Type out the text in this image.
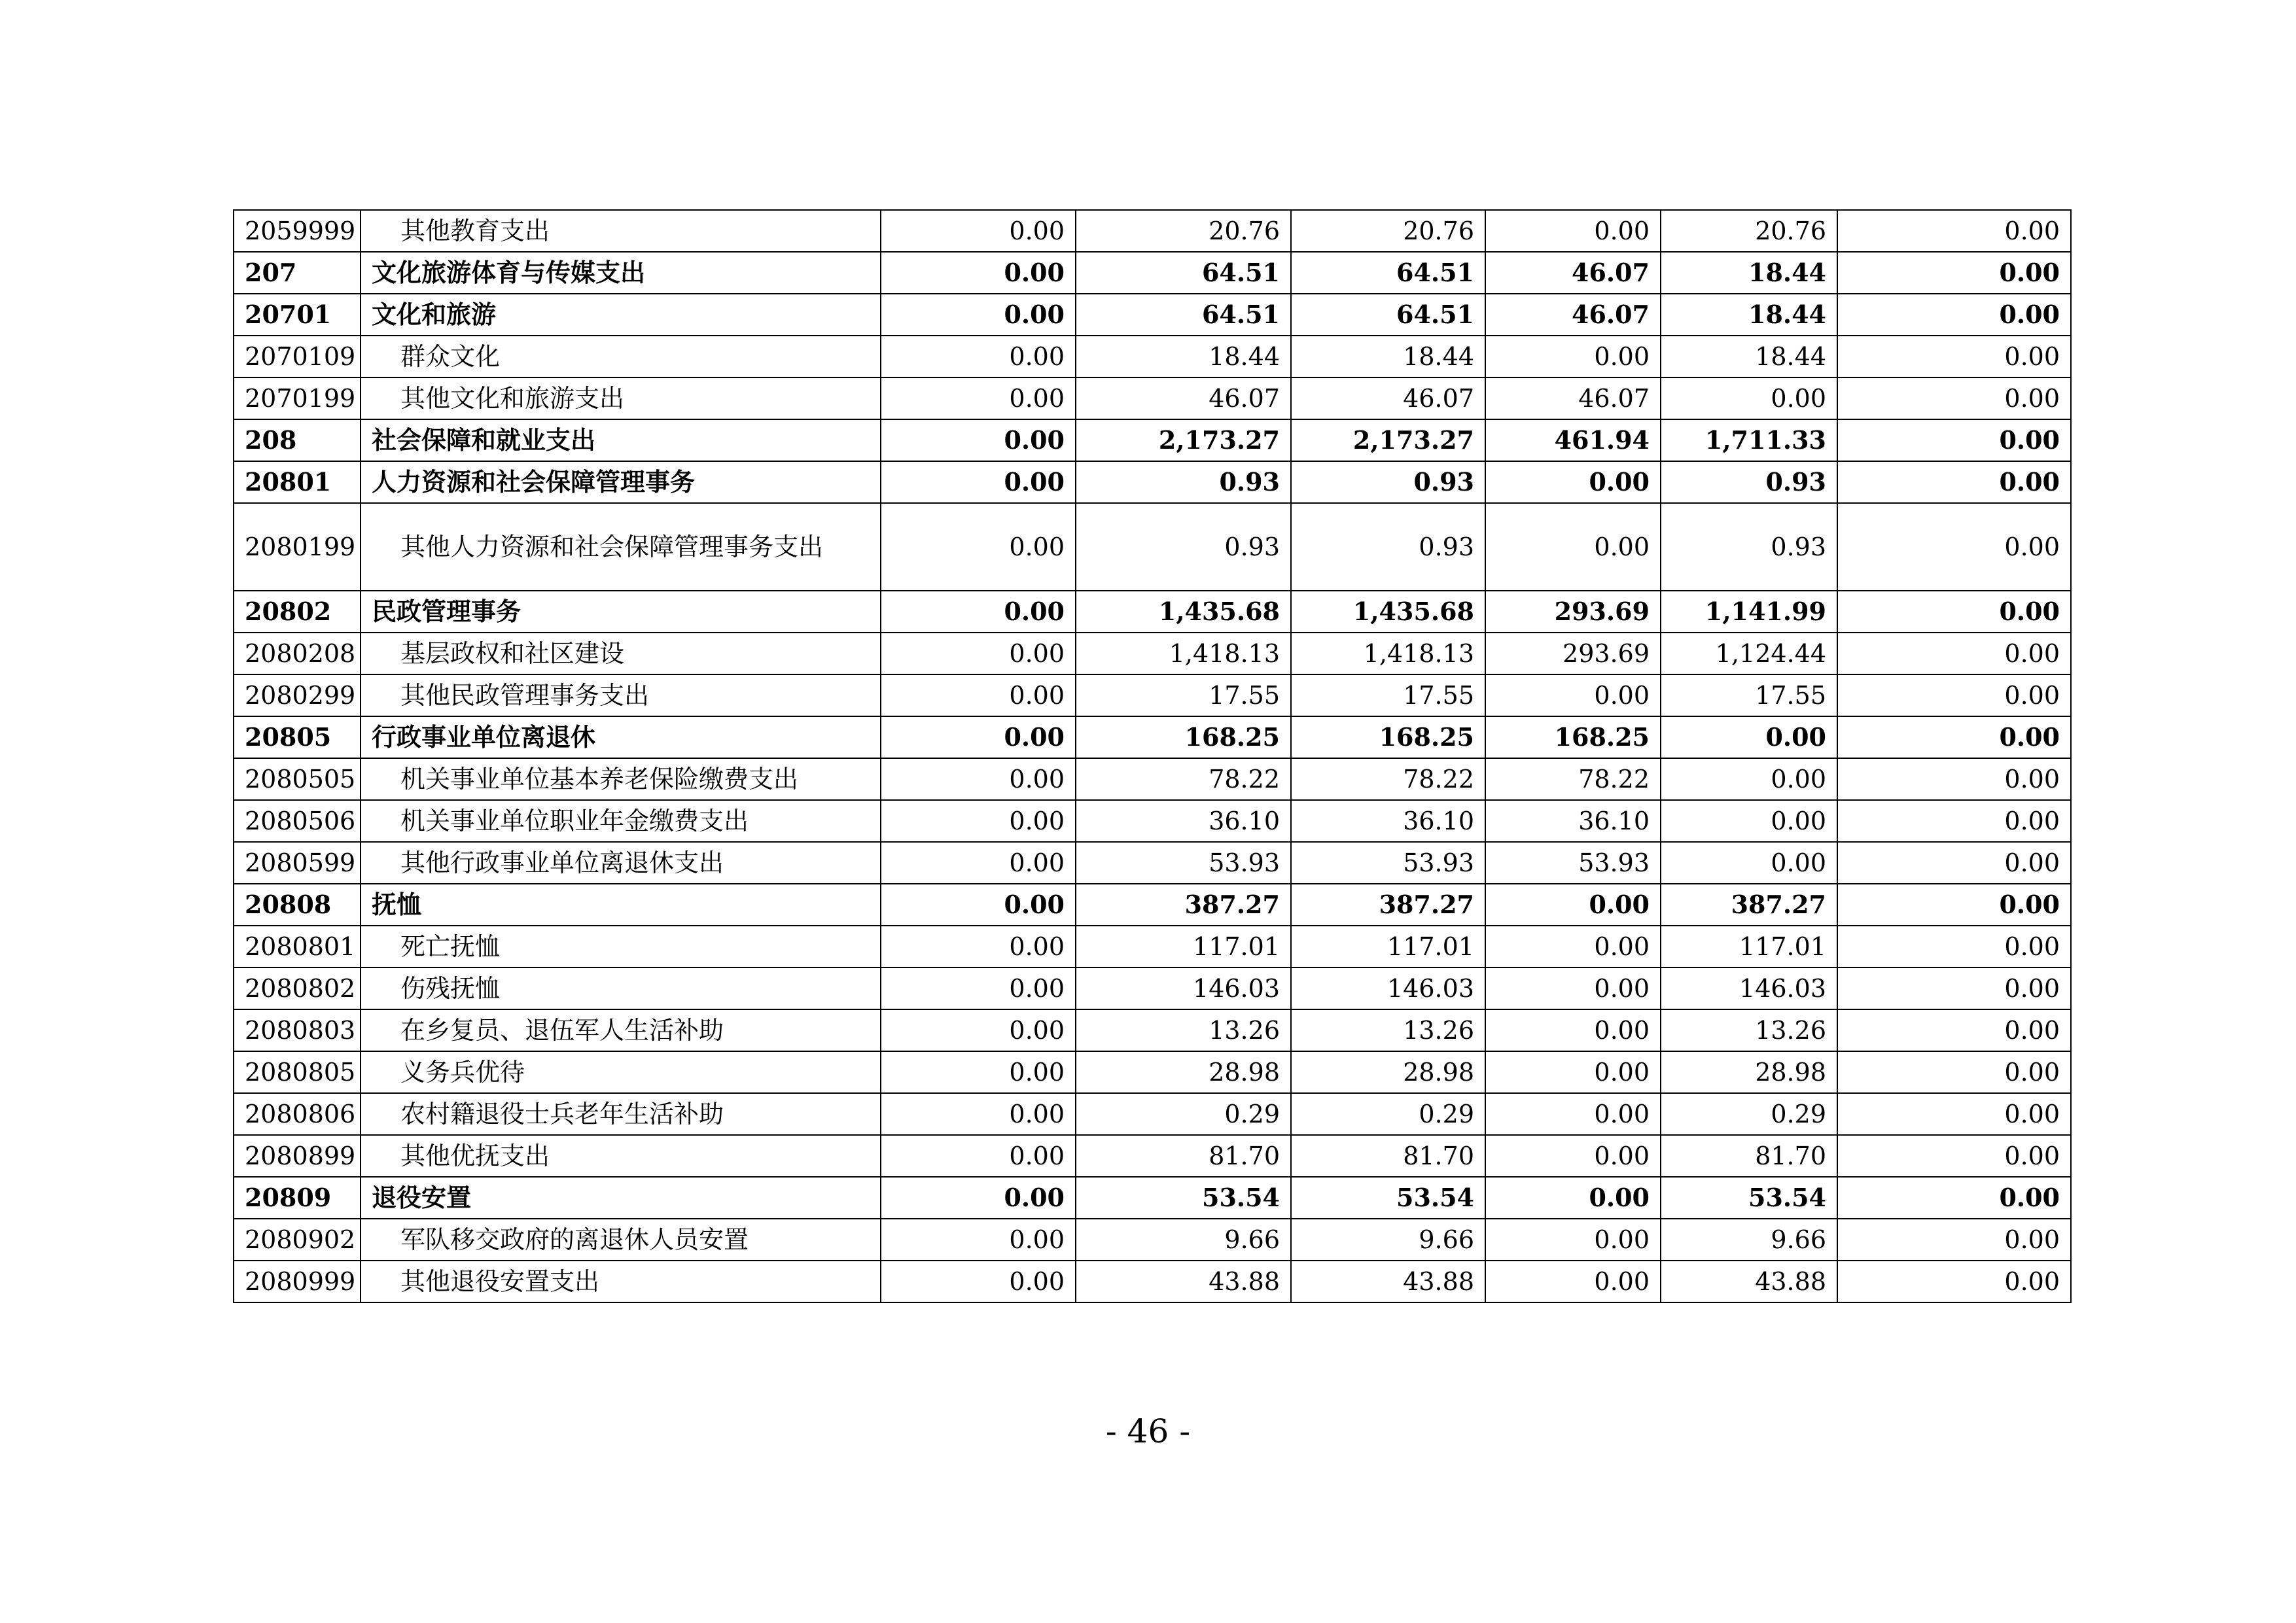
2059999	其他教育支出	0.00	20.76	20.76	0.00	20.76	0.00
207	文化旅游体育与传媒支出	0.00	64.51	64.51	46.07	18.44	0.00
20701	文化和旅游	0.00	64.51	64.51	46.07	18.44	0.00
2070109	群众文化	0.00	18.44	18.44	0.00	18.44	0.00
2070199	其他文化和旅游支出	0.00	46.07	46.07	46.07	0.00	0.00
208	社会保障和就业支出	0.00	2,173.27	2,173.27	461.94	1,711.33	0.00
20801	人力资源和社会保障管理事务	0.00	0.93	0.93	0.00	0.93	0.00
2080199	其他人力资源和社会保障管理事务支出	0.00	0.93	0.93	0.00	0.93	0.00
20802	民政管理事务	0.00	1,435.68	1,435.68	293.69	1,141.99	0.00
2080208	基层政权和社区建设	0.00	1,418.13	1,418.13	293.69	1,124.44	0.00
2080299	其他民政管理事务支出	0.00	17.55	17.55	0.00	17.55	0.00
20805	行政事业单位离退休	0.00	168.25	168.25	168.25	0.00	0.00
2080505	机关事业单位基本养老保险缴费支出	0.00	78.22	78.22	78.22	0.00	0.00
2080506	机关事业单位职业年金缴费支出	0.00	36.10	36.10	36.10	0.00	0.00
2080599	其他行政事业单位离退休支出	0.00	53.93	53.93	53.93	0.00	0.00
20808	抚恤	0.00	387.27	387.27	0.00	387.27	0.00
2080801	死亡抚恤	0.00	117.01	117.01	0.00	117.01	0.00
2080802	伤残抚恤	0.00	146.03	146.03	0.00	146.03	0.00
2080803	在乡复员、退伍军人生活补助	0.00	13.26	13.26	0.00	13.26	0.00
2080805	义务兵优待	0.00	28.98	28.98	0.00	28.98	0.00
2080806	农村籍退役士兵老年生活补助	0.00	0.29	0.29	0.00	0.29	0.00
2080899	其他优抚支出	0.00	81.70	81.70	0.00	81.70	0.00
20809	退役安置	0.00	53.54	53.54	0.00	53.54	0.00
2080902	军队移交政府的离退休人员安置	0.00	9.66	9.66	0.00	9.66	0.00
2080999	其他退役安置支出	0.00	43.88	43.88	0.00	43.88	0.00
- 46 -
